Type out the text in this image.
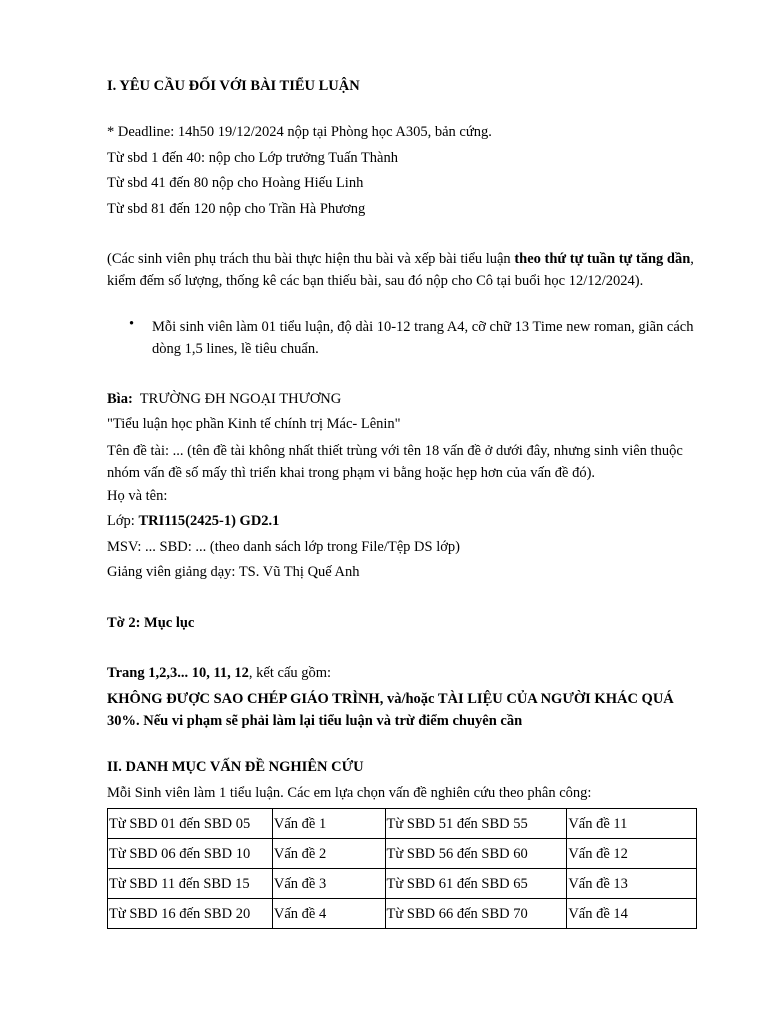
I. YÊU CẦU ĐỐI VỚI BÀI TIỂU LUẬN
* Deadline: 14h50 19/12/2024 nộp tại Phòng học A305, bản cứng.
Từ sbd 1 đến 40: nộp cho Lớp trưởng Tuấn Thành
Từ sbd 41 đến 80 nộp cho Hoàng Hiếu Linh
Từ sbd 81 đến 120 nộp cho Trần Hà Phương
(Các sinh viên phụ trách thu bài thực hiện thu bài và xếp bài tiểu luận theo thứ tự tuần tự tăng dần, kiểm đếm số lượng, thống kê các bạn thiếu bài, sau đó nộp cho Cô tại buổi học 12/12/2024).
• Mỗi sinh viên làm 01 tiểu luận, độ dài 10-12 trang A4, cỡ chữ 13 Time new roman, giãn cách dòng 1,5 lines, lề tiêu chuẩn.
Bìa: TRƯỜNG ĐH NGOẠI THƯƠNG
"Tiểu luận học phần Kinh tế chính trị Mác- Lênin"
Tên đề tài: ... (tên đề tài không nhất thiết trùng với tên 18 vấn đề ở dưới đây, nhưng sinh viên thuộc nhóm vấn đề số mấy thì triển khai trong phạm vi bằng hoặc hẹp hơn của vấn đề đó).
Họ và tên:
Lớp: TRI115(2425-1) GD2.1
MSV: ... SBD: ... (theo danh sách lớp trong File/Tệp DS lớp)
Giảng viên giảng dạy: TS. Vũ Thị Quế Anh
Tờ 2: Mục lục
Trang 1,2,3... 10, 11, 12, kết cấu gồm:
KHÔNG ĐƯỢC SAO CHÉP GIÁO TRÌNH, và/hoặc TÀI LIỆU CỦA NGƯỜI KHÁC QUÁ 30%. Nếu vi phạm sẽ phải làm lại tiểu luận và trừ điểm chuyên cần
II. DANH MỤC VẤN ĐỀ NGHIÊN CỨU
Mỗi Sinh viên làm 1 tiểu luận. Các em lựa chọn vấn đề nghiên cứu theo phân công:
Từ SBD 01 đến SBD 05	Vấn đề 1	Từ SBD 51 đến SBD 55	Vấn đề 11
Từ SBD 06 đến SBD 10	Vấn đề 2	Từ SBD 56 đến SBD 60	Vấn đề 12
Từ SBD 11 đến SBD 15	Vấn đề 3	Từ SBD 61 đến SBD 65	Vấn đề 13
Từ SBD 16 đến SBD 20	Vấn đề 4	Từ SBD 66 đến SBD 70	Vấn đề 14
